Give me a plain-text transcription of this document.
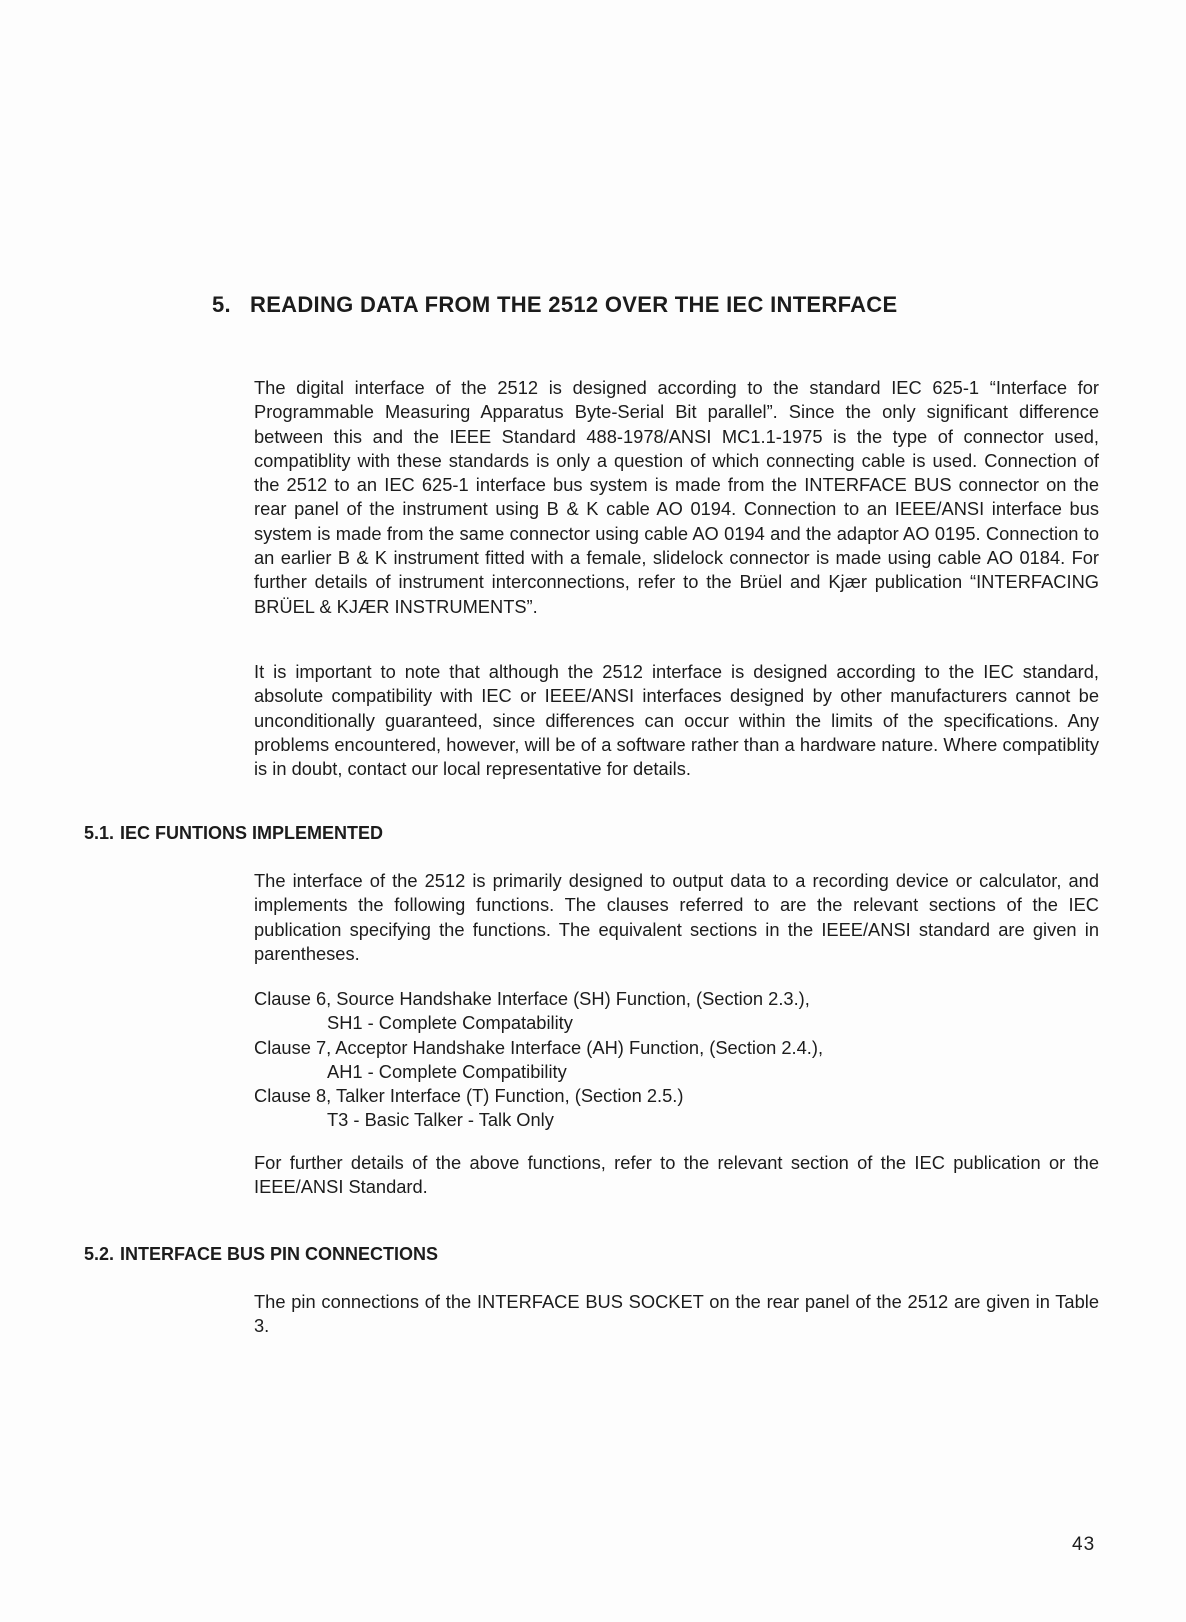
5. READING DATA FROM THE 2512 OVER THE IEC INTERFACE

The digital interface of the 2512 is designed according to the standard IEC 625-1 “Interface for Programmable Measuring Apparatus Byte-Serial Bit parallel”. Since the only significant difference between this and the IEEE Standard 488-1978/ANSI MC1.1-1975 is the type of connector used, compatiblity with these standards is only a question of which connecting cable is used. Connection of the 2512 to an IEC 625-1 interface bus system is made from the INTERFACE BUS connector on the rear panel of the instrument using B & K cable AO 0194. Connection to an IEEE/ANSI interface bus system is made from the same connector using cable AO 0194 and the adaptor AO 0195. Connection to an earlier B & K instrument fitted with a female, slidelock connector is made using cable AO 0184. For further details of instrument interconnections, refer to the Brüel and Kjær publication “INTERFACING BRÜEL & KJÆR INSTRUMENTS”.

It is important to note that although the 2512 interface is designed according to the IEC standard, absolute compatibility with IEC or IEEE/ANSI interfaces designed by other manufacturers cannot be unconditionally guaranteed, since differences can occur within the limits of the specifications. Any problems encountered, however, will be of a software rather than a hardware nature. Where compatiblity is in doubt, contact our local representative for details.

5.1. IEC FUNTIONS IMPLEMENTED

The interface of the 2512 is primarily designed to output data to a recording device or calculator, and implements the following functions. The clauses referred to are the relevant sections of the IEC publication specifying the functions. The equivalent sections in the IEEE/ANSI standard are given in parentheses.

Clause 6, Source Handshake Interface (SH) Function, (Section 2.3.),
SH1 - Complete Compatability
Clause 7, Acceptor Handshake Interface (AH) Function, (Section 2.4.),
AH1 - Complete Compatibility
Clause 8, Talker Interface (T) Function, (Section 2.5.)
T3 - Basic Talker - Talk Only

For further details of the above functions, refer to the relevant section of the IEC publication or the IEEE/ANSI Standard.

5.2. INTERFACE BUS PIN CONNECTIONS

The pin connections of the INTERFACE BUS SOCKET on the rear panel of the 2512 are given in Table 3.

43
